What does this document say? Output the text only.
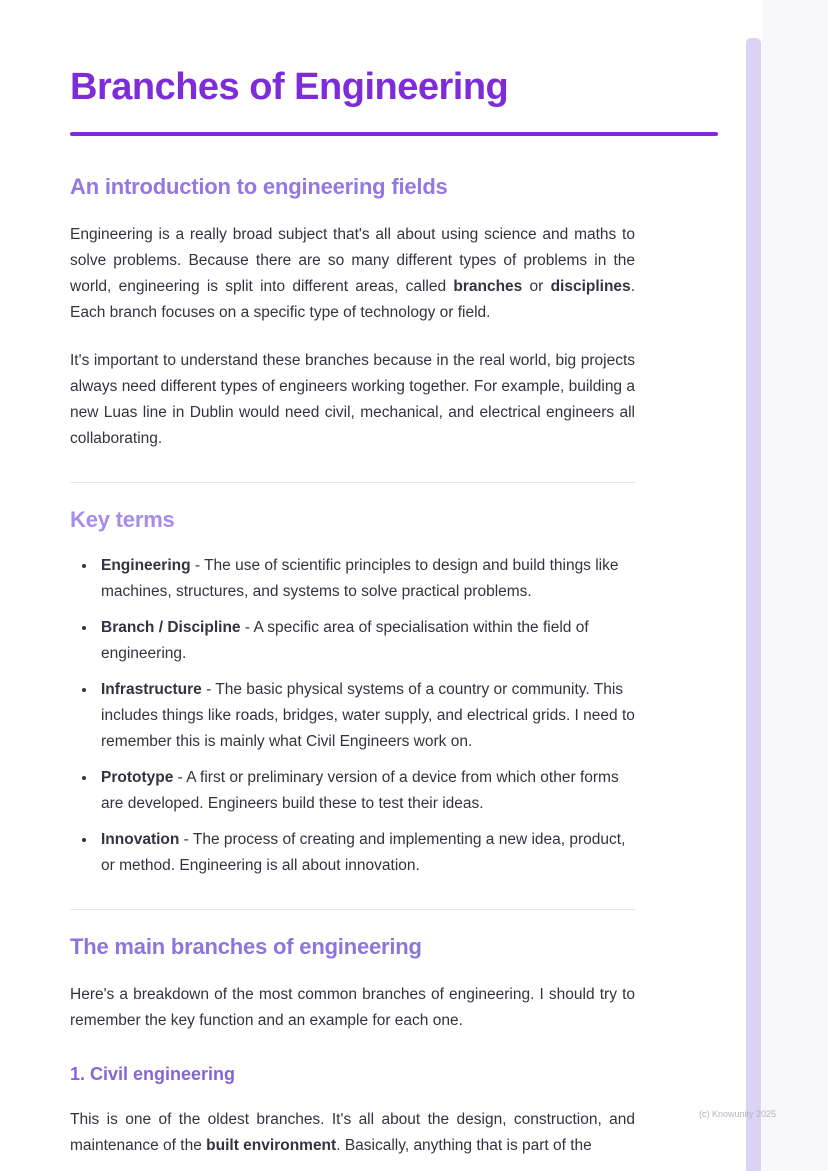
Branches of Engineering
An introduction to engineering fields

Engineering is a really broad subject that's all about using science and maths to solve problems. Because there are so many different types of problems in the world, engineering is split into different areas, called branches or disciplines. Each branch focuses on a specific type of technology or field.

It's important to understand these branches because in the real world, big projects always need different types of engineers working together. For example, building a new Luas line in Dublin would need civil, mechanical, and electrical engineers all collaborating.

Key terms
• Engineering - The use of scientific principles to design and build things like machines, structures, and systems to solve practical problems.
• Branch / Discipline - A specific area of specialisation within the field of engineering.
• Infrastructure - The basic physical systems of a country or community. This includes things like roads, bridges, water supply, and electrical grids. I need to remember this is mainly what Civil Engineers work on.
• Prototype - A first or preliminary version of a device from which other forms are developed. Engineers build these to test their ideas.
• Innovation - The process of creating and implementing a new idea, product, or method. Engineering is all about innovation.
The main branches of engineering

Here's a breakdown of the most common branches of engineering. I should try to remember the key function and an example for each one.

1. Civil engineering

This is one of the oldest branches. It's all about the design, construction, and maintenance of the built environment. Basically, anything that is part of the

(c) Knowunity 2025
